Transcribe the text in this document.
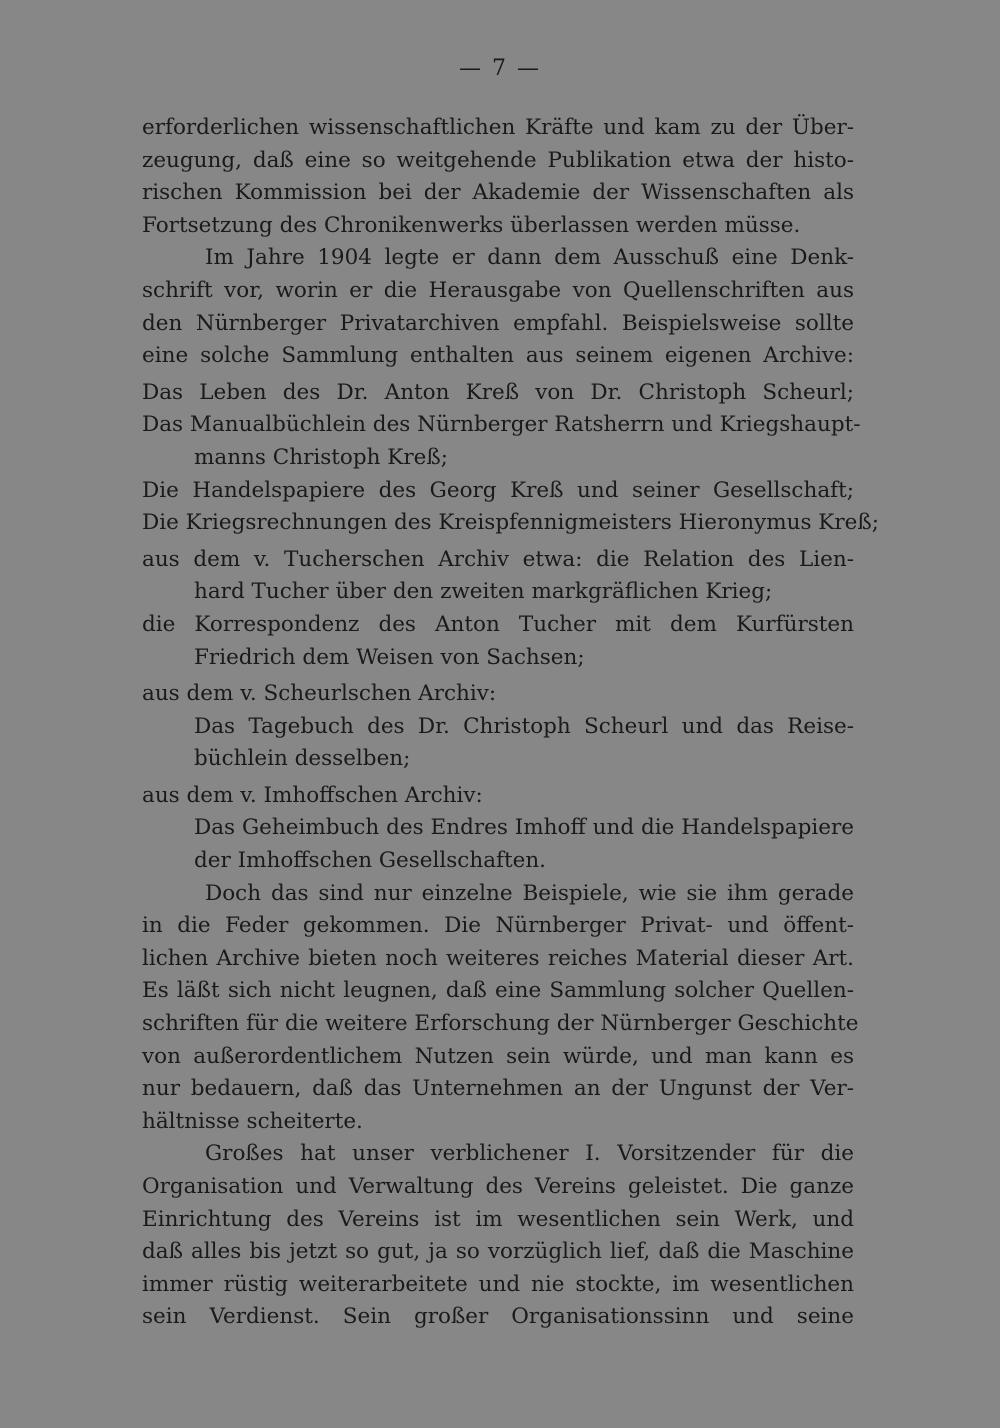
— 7 —
erforderlichen wissenschaftlichen Kräfte und kam zu der Über-
zeugung, daß eine so weitgehende Publikation etwa der histo-
rischen Kommission bei der Akademie der Wissenschaften als
Fortsetzung des Chronikenwerks überlassen werden müsse.
Im Jahre 1904 legte er dann dem Ausschuß eine Denk-
schrift vor, worin er die Herausgabe von Quellenschriften aus
den Nürnberger Privatarchiven empfahl. Beispielsweise sollte
eine solche Sammlung enthalten aus seinem eigenen Archive:
Das Leben des Dr. Anton Kreß von Dr. Christoph Scheurl;
Das Manualbüchlein des Nürnberger Ratsherrn und Kriegshaupt-
manns Christoph Kreß;
Die Handelspapiere des Georg Kreß und seiner Gesellschaft;
Die Kriegsrechnungen des Kreispfennigmeisters Hieronymus Kreß;
aus dem v. Tucherschen Archiv etwa: die Relation des Lien-
hard Tucher über den zweiten markgräflichen Krieg;
die Korrespondenz des Anton Tucher mit dem Kurfürsten
Friedrich dem Weisen von Sachsen;
aus dem v. Scheurlschen Archiv:
Das Tagebuch des Dr. Christoph Scheurl und das Reise-
büchlein desselben;
aus dem v. Imhoffschen Archiv:
Das Geheimbuch des Endres Imhoff und die Handelspapiere
der Imhoffschen Gesellschaften.
Doch das sind nur einzelne Beispiele, wie sie ihm gerade
in die Feder gekommen. Die Nürnberger Privat- und öffent-
lichen Archive bieten noch weiteres reiches Material dieser Art.
Es läßt sich nicht leugnen, daß eine Sammlung solcher Quellen-
schriften für die weitere Erforschung der Nürnberger Geschichte
von außerordentlichem Nutzen sein würde, und man kann es
nur bedauern, daß das Unternehmen an der Ungunst der Ver-
hältnisse scheiterte.
Großes hat unser verblichener I. Vorsitzender für die
Organisation und Verwaltung des Vereins geleistet. Die ganze
Einrichtung des Vereins ist im wesentlichen sein Werk, und
daß alles bis jetzt so gut, ja so vorzüglich lief, daß die Maschine
immer rüstig weiterarbeitete und nie stockte, im wesentlichen
sein Verdienst. Sein großer Organisationssinn und seine
